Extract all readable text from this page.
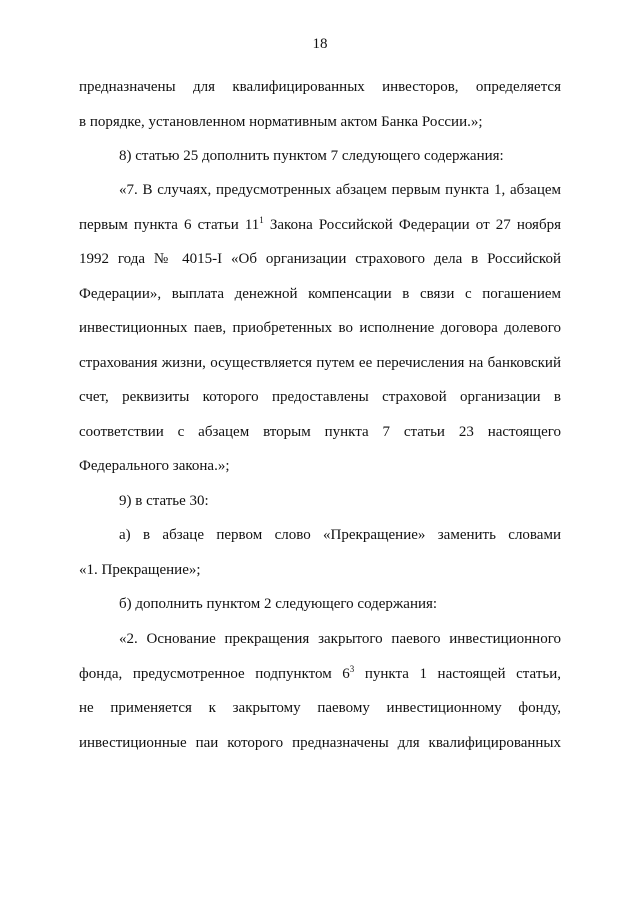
18
предназначены для квалифицированных инвесторов, определяется
в порядке, установленном нормативным актом Банка России.»;
8) статью 25 дополнить пунктом 7 следующего содержания:
«7. В случаях, предусмотренных абзацем первым пункта 1, абзацем
первым пункта 6 статьи $11^1$ Закона Российской Федерации от 27 ноября
1992 года № 4015-I «Об организации страхового дела в Российской
Федерации», выплата денежной компенсации в связи с погашением
инвестиционных паев, приобретенных во исполнение договора долевого
страхования жизни, осуществляется путем ее перечисления на банковский
счет, реквизиты которого предоставлены страховой организации в
соответствии с абзацем вторым пункта 7 статьи 23 настоящего
Федерального закона.»;
9) в статье 30:
а) в абзаце первом слово «Прекращение» заменить словами
«1. Прекращение»;
б) дополнить пунктом 2 следующего содержания:
«2. Основание прекращения закрытого паевого инвестиционного
фонда, предусмотренное подпунктом $6^3$ пункта 1 настоящей статьи,
не применяется к закрытому паевому инвестиционному фонду,
инвестиционные паи которого предназначены для квалифицированных
